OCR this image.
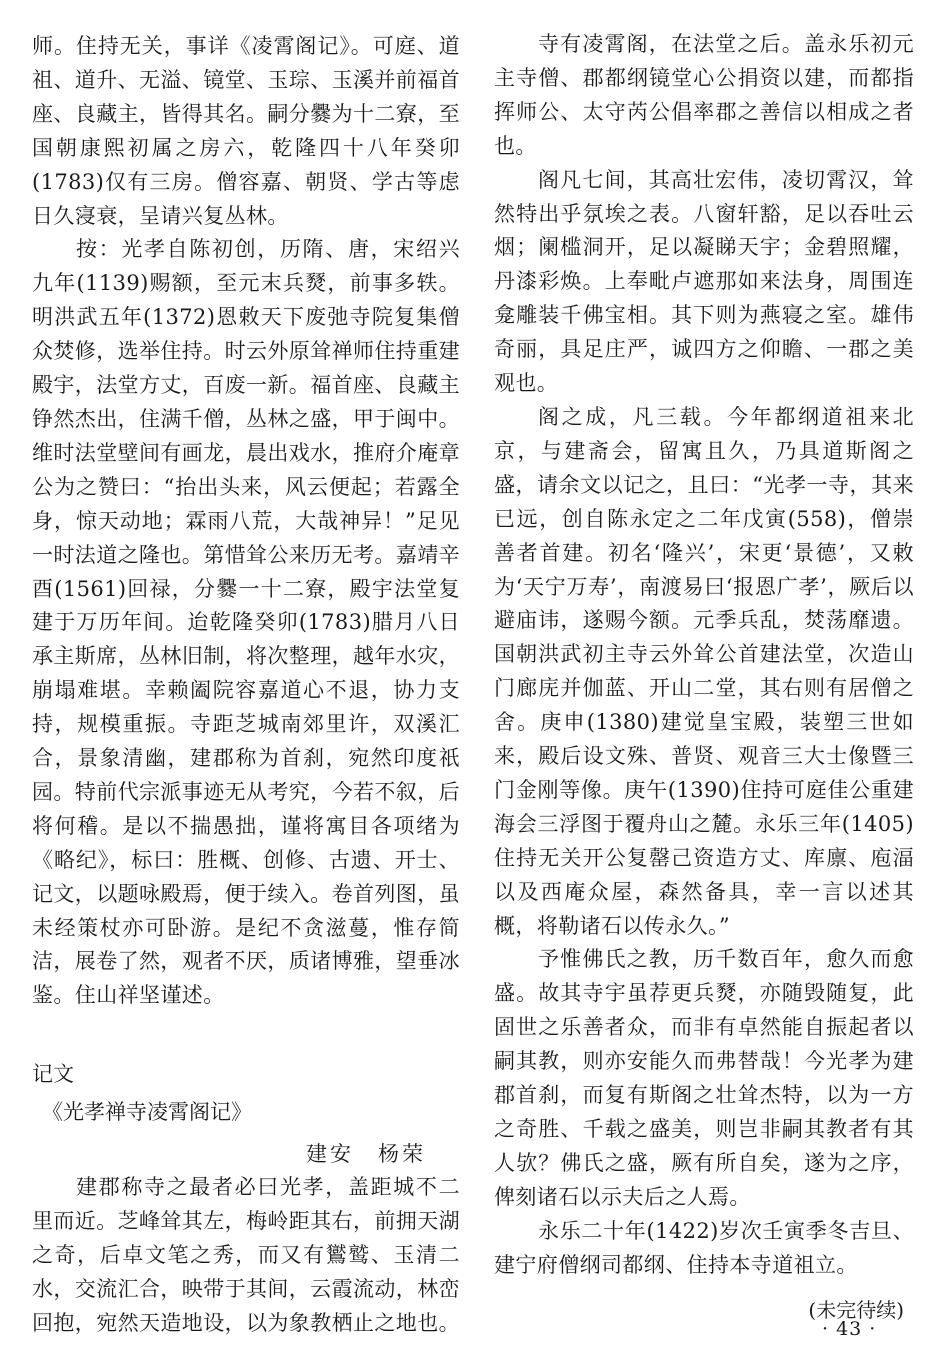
师。住持无关，事详《凌霄阁记》。可庭、道祖、道升、无溢、镜堂、玉琮、玉溪并前福首座、良藏主，皆得其名。嗣分爨为十二寮，至国朝康熙初属之房六，乾隆四十八年癸卯(1783)仅有三房。僧容嘉、朝贤、学古等虑日久寖衰，呈请兴复丛林。

按：光孝自陈初创，历隋、唐，宋绍兴九年(1139)赐额，至元末兵燹，前事多轶。明洪武五年(1372)恩敕天下废弛寺院复集僧众焚修，选举住持。时云外原耸禅师住持重建殿宇，法堂方丈，百废一新。福首座、良藏主铮然杰出，住满千僧，丛林之盛，甲于闽中。维时法堂壁间有画龙，晨出戏水，推府介庵章公为之赞曰：“抬出头来，风云便起；若露全身，惊天动地；霖雨八荒，大哉神异！”足见一时法道之隆也。第惜耸公来历无考。嘉靖辛酉(1561)回禄，分爨一十二寮，殿宇法堂复建于万历年间。迨乾隆癸卯(1783)腊月八日承主斯席，丛林旧制，将次整理，越年水灾，崩塌难堪。幸赖阖院容嘉道心不退，协力支持，规模重振。寺距芝城南郊里许，双溪汇合，景象清幽，建郡称为首刹，宛然印度祇园。特前代宗派事迹无从考究，今若不叙，后将何稽。是以不揣愚拙，谨将寓目各项绪为《略纪》，标曰：胜概、创修、古遗、开士、记文，以题咏殿焉，便于续入。卷首列图，虽未经策杖亦可卧游。是纪不贪滋蔓，惟存简洁，展卷了然，观者不厌，质诸博雅，望垂冰鉴。住山祥坚谨述。

记文
《光孝禅寺凌霄阁记》
建安　杨荣

建郡称寺之最者必曰光孝，盖距城不二里而近。芝峰耸其左，梅岭距其右，前拥天湖之奇，后卓文笔之秀，而又有鸑鹫、玉清二水，交流汇合，映带于其间，云霞流动，林峦回抱，宛然天造地设，以为象教栖止之地也。

寺有凌霄阁，在法堂之后。盖永乐初元主寺僧、郡都纲镜堂心公捐资以建，而都指挥师公、太守芮公倡率郡之善信以相成之者也。

阁凡七间，其高壮宏伟，凌切霄汉，耸然特出乎氛埃之表。八窗轩豁，足以吞吐云烟；阑槛洞开，足以凝睇天宇；金碧照耀，丹漆彩焕。上奉毗卢遮那如来法身，周围连龛雕装千佛宝相。其下则为燕寝之室。雄伟奇丽，具足庄严，诚四方之仰瞻、一郡之美观也。

阁之成，凡三载。今年都纲道祖来北京，与建斋会，留寓且久，乃具道斯阁之盛，请余文以记之，且曰：“光孝一寺，其来已远，创自陈永定之二年戊寅(558)，僧崇善者首建。初名‘隆兴’，宋更‘景德’，又敕为‘天宁万寿’，南渡易曰‘报恩广孝’，厥后以避庙讳，遂赐今额。元季兵乱，焚荡靡遗。国朝洪武初主寺云外耸公首建法堂，次造山门廊庑并伽蓝、开山二堂，其右则有居僧之舍。庚申(1380)建觉皇宝殿，装塑三世如来，殿后设文殊、普贤、观音三大士像暨三门金刚等像。庚午(1390)住持可庭佳公重建海会三浮图于覆舟山之麓。永乐三年(1405)住持无关开公复罄己资造方丈、库廪、庖湢以及西庵众屋，森然备具，幸一言以述其概，将勒诸石以传永久。”

予惟佛氏之教，历千数百年，愈久而愈盛。故其寺宇虽荐更兵燹，亦随毁随复，此固世之乐善者众，而非有卓然能自振起者以嗣其教，则亦安能久而弗替哉！今光孝为建郡首刹，而复有斯阁之壮耸杰特，以为一方之奇胜、千载之盛美，则岂非嗣其教者有其人欤？佛氏之盛，厥有所自矣，遂为之序，俾刻诸石以示夫后之人焉。

永乐二十年(1422)岁次壬寅季冬吉旦、建宁府僧纲司都纲、住持本寺道祖立。

(未完待续)
· 43 ·
